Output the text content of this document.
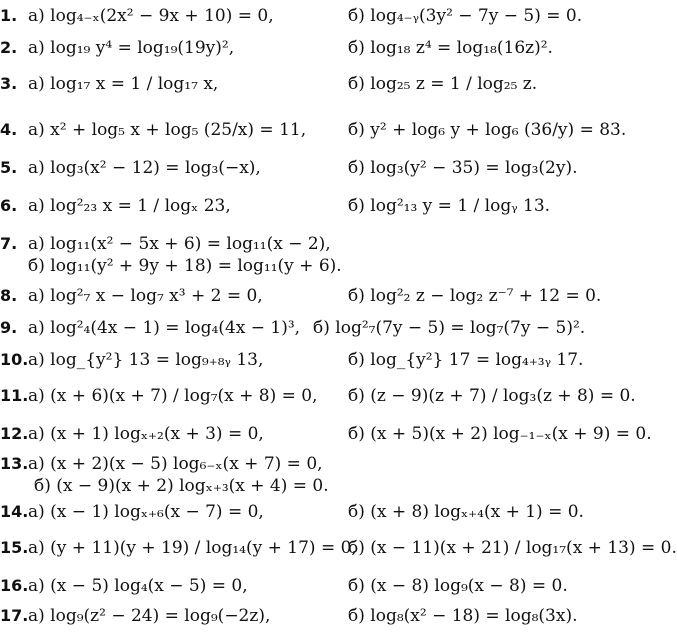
1. а) log₄₋ₓ(2x² − 9x + 10) = 0,	б) log₄₋ᵧ(3y² − 7y − 5) = 0.
2. а) log₁₉ y⁴ = log₁₉(19y)²,	б) log₁₈ z⁴ = log₁₈(16z)².
3. а) log₁₇ x = 1 / log₁₇ x,	б) log₂₅ z = 1 / log₂₅ z.
4. а) x² + log₅ x + log₅ (25/x) = 11, б) y² + log₆ y + log₆ (36/y) = 83.
5. а) log₃(x² − 12) = log₃(−x),	б) log₃(y² − 35) = log₃(2y).
6. а) log²₂₃ x = 1 / logₓ 23,	б) log²₁₃ y = 1 / logᵧ 13.
7. а) log₁₁(x² − 5x + 6) = log₁₁(x − 2),
б) log₁₁(y² + 9y + 18) = log₁₁(y + 6).
8. а) log²₇ x − log₇ x³ + 2 = 0,	б) log²₂ z − log₂ z⁻⁷ + 12 = 0.
9. а) log²₄(4x − 1) = log₄(4x − 1)³, б) log²₇(7y − 5) = log₇(7y − 5)².
10. а) log_{y²} 13 = log₉₊₈ᵧ 13,	б) log_{y²} 17 = log₄₊₃ᵧ 17.
11. а) (x + 6)(x + 7) / log₇(x + 8) = 0, б) (z − 9)(z + 7) / log₃(z + 8) = 0.
12. а) (x + 1) logₓ₊₂(x + 3) = 0,	б) (x + 5)(x + 2) log₋₁₋ₓ(x + 9) = 0.
13. а) (x + 2)(x − 5) log₆₋ₓ(x + 7) = 0,
б) (x − 9)(x + 2) logₓ₊₃(x + 4) = 0.
14. а) (x − 1) logₓ₊₆(x − 7) = 0,	б) (x + 8) logₓ₊₄(x + 1) = 0.
15. а) (y + 11)(y + 19) / log₁₄(y + 17) = 0,
б) (x − 11)(x + 21) / log₁₇(x + 13) = 0.
16. а) (x − 5) log₄(x − 5) = 0,	б) (x − 8) log₉(x − 8) = 0.
17. а) log₉(z² − 24) = log₉(−2z),	б) log₈(x² − 18) = log₈(3x).
